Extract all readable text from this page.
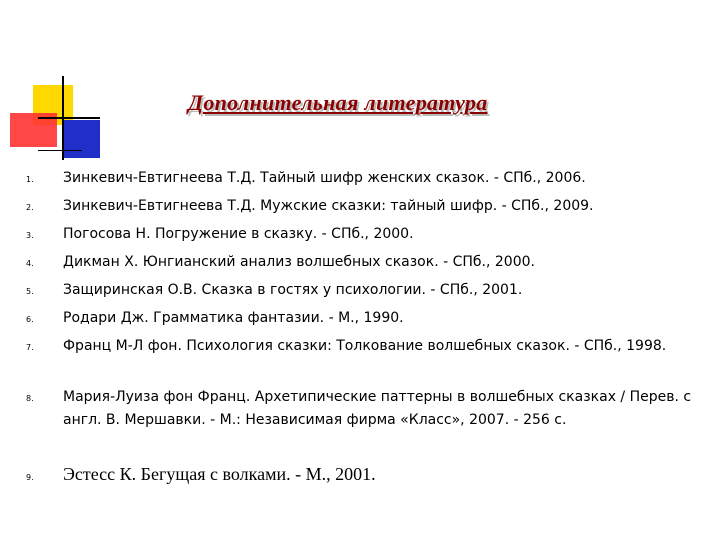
Дополнительная литература
1. Зинкевич-Евтигнеева Т.Д. Тайный шифр женских сказок. - СПб., 2006.
2. Зинкевич-Евтигнеева Т.Д. Мужские сказки: тайный шифр. - СПб., 2009.
3. Погосова Н. Погружение в сказку. - СПб., 2000.
4. Дикман Х. Юнгианский анализ волшебных сказок. - СПб., 2000.
5. Защиринская О.В. Сказка в гостях у психологии. - СПб., 2001.
6. Родари Дж. Грамматика фантазии. - М., 1990.
7. Франц М-Л фон. Психология сказки: Толкование волшебных сказок. - СПб., 1998.
8. Мария-Луиза фон Франц. Архетипические паттерны в волшебных сказках / Перев. с англ. В. Мершавки. - М.: Независимая фирма «Класс», 2007. - 256 с.
9. Эстесс К. Бегущая с волками. - М., 2001.
